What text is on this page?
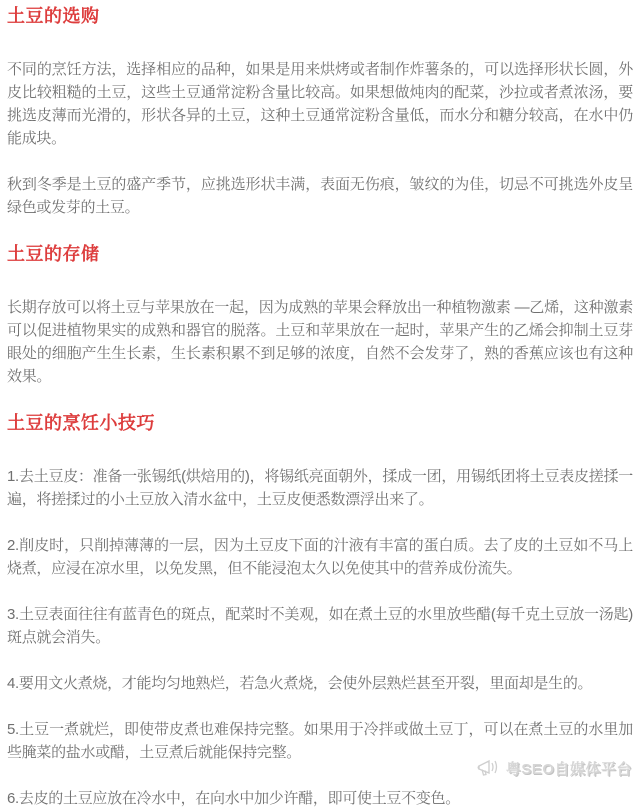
土豆的选购

不同的烹饪方法，选择相应的品种，如果是用来烘烤或者制作炸薯条的，可以选择形状长圆，外皮比较粗糙的土豆，这些土豆通常淀粉含量比较高。如果想做炖肉的配菜，沙拉或者煮浓汤，要挑选皮薄而光滑的，形状各异的土豆，这种土豆通常淀粉含量低，而水分和糖分较高，在水中仍能成块。

秋到冬季是土豆的盛产季节，应挑选形状丰满，表面无伤痕，皱纹的为佳，切忌不可挑选外皮呈绿色或发芽的土豆。

土豆的存储

长期存放可以将土豆与苹果放在一起，因为成熟的苹果会释放出一种植物激素 —乙烯，这种激素可以促进植物果实的成熟和器官的脱落。土豆和苹果放在一起时，苹果产生的乙烯会抑制土豆芽眼处的细胞产生生长素，生长素积累不到足够的浓度，自然不会发芽了，熟的香蕉应该也有这种效果。

土豆的烹饪小技巧

1.去土豆皮：准备一张锡纸(烘焙用的)，将锡纸亮面朝外，揉成一团，用锡纸团将土豆表皮搓揉一遍，将搓揉过的小土豆放入清水盆中，土豆皮便悉数漂浮出来了。

2.削皮时，只削掉薄薄的一层，因为土豆皮下面的汁液有丰富的蛋白质。去了皮的土豆如不马上烧煮，应浸在凉水里，以免发黑，但不能浸泡太久以免使其中的营养成份流失。

3.土豆表面往往有蓝青色的斑点，配菜时不美观，如在煮土豆的水里放些醋(每千克土豆放一汤匙) 斑点就会消失。

4.要用文火煮烧，才能均匀地熟烂，若急火煮烧，会使外层熟烂甚至开裂，里面却是生的。

5.土豆一煮就烂，即使带皮煮也难保持完整。如果用于冷拌或做土豆丁，可以在煮土豆的水里加些腌菜的盐水或醋，土豆煮后就能保持完整。

6.去皮的土豆应放在冷水中，在向水中加少许醋，即可使土豆不变色。

粤SEO自媒体平台
